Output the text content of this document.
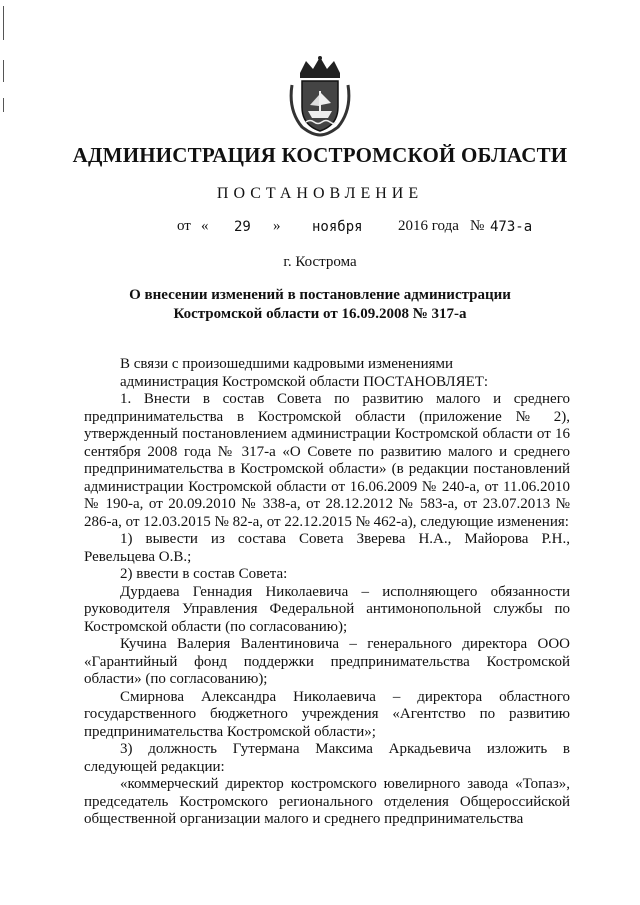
АДМИНИСТРАЦИЯ КОСТРОМСКОЙ ОБЛАСТИ
ПОСТАНОВЛЕНИЕ
от « 29 » ноября 2016 года № 473-а
г. Кострома
О внесении изменений в постановление администрации
Костромской области от 16.09.2008 № 317-а
В связи с произошедшими кадровыми изменениями
администрация Костромской области ПОСТАНОВЛЯЕТ:

1. Внести в состав Совета по развитию малого и среднего предпринимательства в Костромской области (приложение № 2), утвержденный постановлением администрации Костромской области от 16 сентября 2008 года № 317-а «О Совете по развитию малого и среднего предпринимательства в Костромской области» (в редакции постановлений администрации Костромской области от 16.06.2009 № 240-а, от 11.06.2010 № 190-а, от 20.09.2010 № 338-а, от 28.12.2012 № 583-а, от 23.07.2013 № 286-а, от 12.03.2015 № 82-а, от 22.12.2015 № 462-а), следующие изменения:

1) вывести из состава Совета Зверева Н.А., Майорова Р.Н., Ревельцева О.В.;

2) ввести в состав Совета:

Дурдаева Геннадия Николаевича – исполняющего обязанности руководителя Управления Федеральной антимонопольной службы по Костромской области (по согласованию);

Кучина Валерия Валентиновича – генерального директора ООО «Гарантийный фонд поддержки предпринимательства Костромской области» (по согласованию);

Смирнова Александра Николаевича – директора областного государственного бюджетного учреждения «Агентство по развитию предпринимательства Костромской области»;

3) должность Гутермана Максима Аркадьевича изложить в следующей редакции:

«коммерческий директор костромского ювелирного завода «Топаз», председатель Костромского регионального отделения Общероссийской общественной организации малого и среднего предпринимательства
